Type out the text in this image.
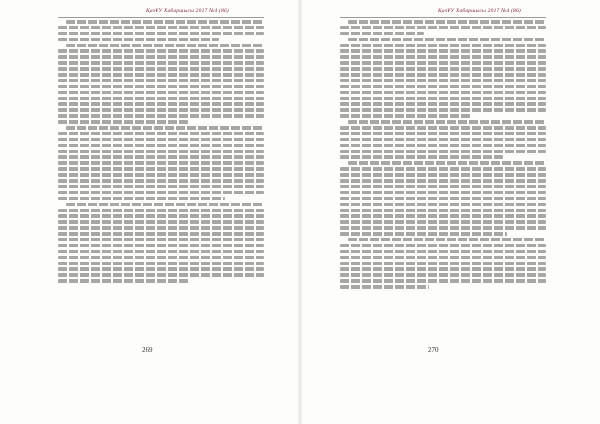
ҚазҰУ Хабаршысы 2017 №4 (86)
269
ҚазҰУ Хабаршысы 2017 №4 (86)
270
